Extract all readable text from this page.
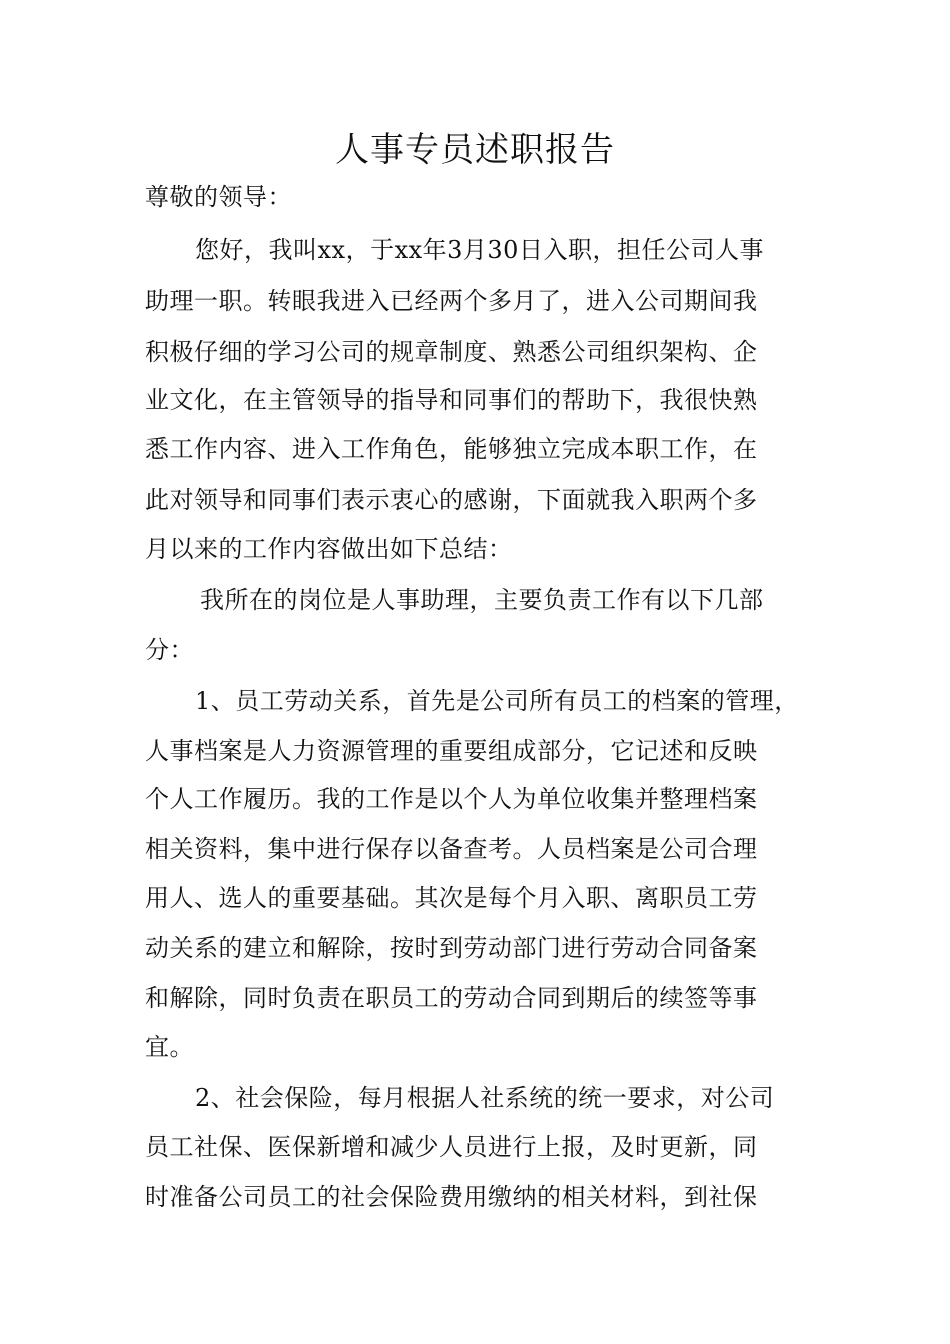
人事专员述职报告
尊敬的领导：
您好，我叫xx，于xx年3月30日入职，担任公司人事
助理一职。转眼我进入已经两个多月了，进入公司期间我
积极仔细的学习公司的规章制度、熟悉公司组织架构、企
业文化，在主管领导的指导和同事们的帮助下，我很快熟
悉工作内容、进入工作角色，能够独立完成本职工作，在
此对领导和同事们表示衷心的感谢，下面就我入职两个多
月以来的工作内容做出如下总结：
我所在的岗位是人事助理，主要负责工作有以下几部
分：
1、员工劳动关系，首先是公司所有员工的档案的管理，
人事档案是人力资源管理的重要组成部分，它记述和反映
个人工作履历。我的工作是以个人为单位收集并整理档案
相关资料，集中进行保存以备查考。人员档案是公司合理
用人、选人的重要基础。其次是每个月入职、离职员工劳
动关系的建立和解除，按时到劳动部门进行劳动合同备案
和解除，同时负责在职员工的劳动合同到期后的续签等事
宜。
2、社会保险，每月根据人社系统的统一要求，对公司
员工社保、医保新增和减少人员进行上报，及时更新，同
时准备公司员工的社会保险费用缴纳的相关材料，到社保
